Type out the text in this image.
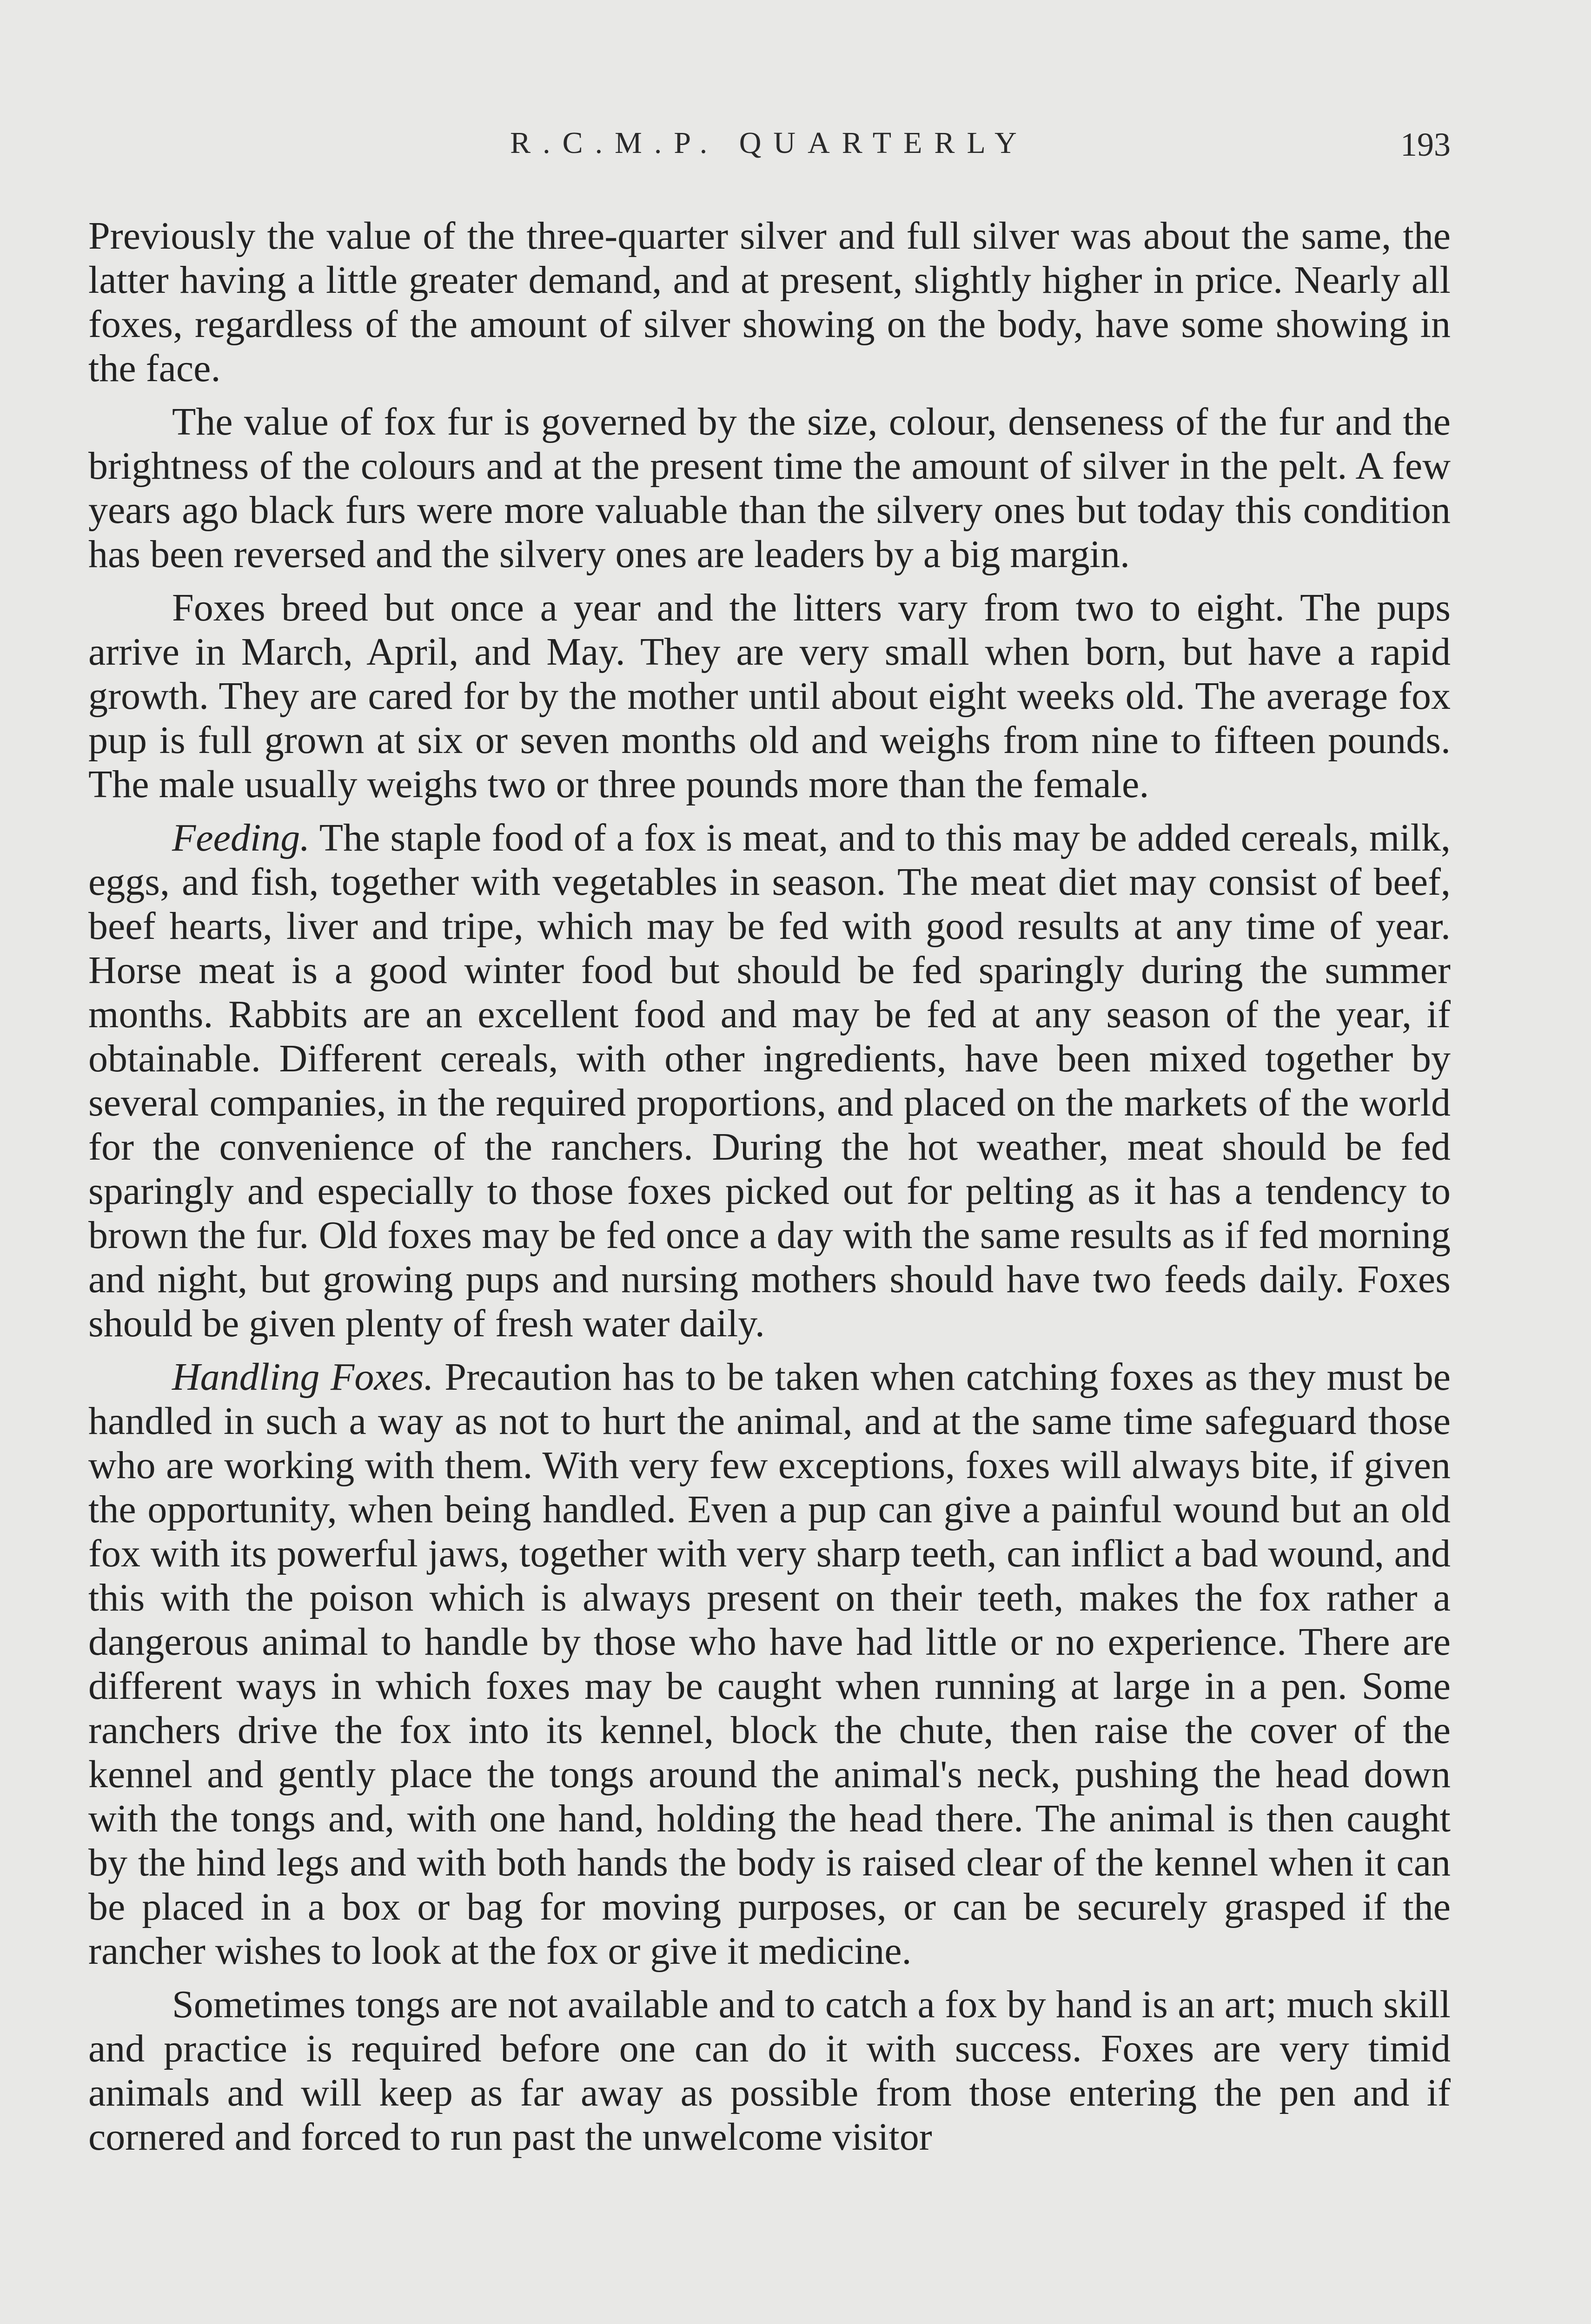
R.C.M.P. QUARTERLY	193

Previously the value of the three-quarter silver and full silver was about the same, the latter having a little greater demand, and at present, slightly higher in price. Nearly all foxes, regardless of the amount of silver showing on the body, have some showing in the face.

The value of fox fur is governed by the size, colour, denseness of the fur and the brightness of the colours and at the present time the amount of silver in the pelt. A few years ago black furs were more valuable than the silvery ones but today this condition has been reversed and the silvery ones are leaders by a big margin.

Foxes breed but once a year and the litters vary from two to eight. The pups arrive in March, April, and May. They are very small when born, but have a rapid growth. They are cared for by the mother until about eight weeks old. The average fox pup is full grown at six or seven months old and weighs from nine to fifteen pounds. The male usually weighs two or three pounds more than the female.

Feeding. The staple food of a fox is meat, and to this may be added cereals, milk, eggs, and fish, together with vegetables in season. The meat diet may consist of beef, beef hearts, liver and tripe, which may be fed with good results at any time of year. Horse meat is a good winter food but should be fed sparingly during the summer months. Rabbits are an excellent food and may be fed at any season of the year, if obtainable. Different cereals, with other ingredients, have been mixed together by several companies, in the required proportions, and placed on the markets of the world for the convenience of the ranchers. During the hot weather, meat should be fed sparingly and especially to those foxes picked out for pelting as it has a tendency to brown the fur. Old foxes may be fed once a day with the same results as if fed morning and night, but growing pups and nursing mothers should have two feeds daily. Foxes should be given plenty of fresh water daily.

Handling Foxes. Precaution has to be taken when catching foxes as they must be handled in such a way as not to hurt the animal, and at the same time safeguard those who are working with them. With very few exceptions, foxes will always bite, if given the opportunity, when being handled. Even a pup can give a painful wound but an old fox with its powerful jaws, together with very sharp teeth, can inflict a bad wound, and this with the poison which is always present on their teeth, makes the fox rather a dangerous animal to handle by those who have had little or no experience. There are different ways in which foxes may be caught when running at large in a pen. Some ranchers drive the fox into its kennel, block the chute, then raise the cover of the kennel and gently place the tongs around the animal's neck, pushing the head down with the tongs and, with one hand, holding the head there. The animal is then caught by the hind legs and with both hands the body is raised clear of the kennel when it can be placed in a box or bag for moving purposes, or can be securely grasped if the rancher wishes to look at the fox or give it medicine.

Sometimes tongs are not available and to catch a fox by hand is an art; much skill and practice is required before one can do it with success. Foxes are very timid animals and will keep as far away as possible from those entering the pen and if cornered and forced to run past the unwelcome visitor
